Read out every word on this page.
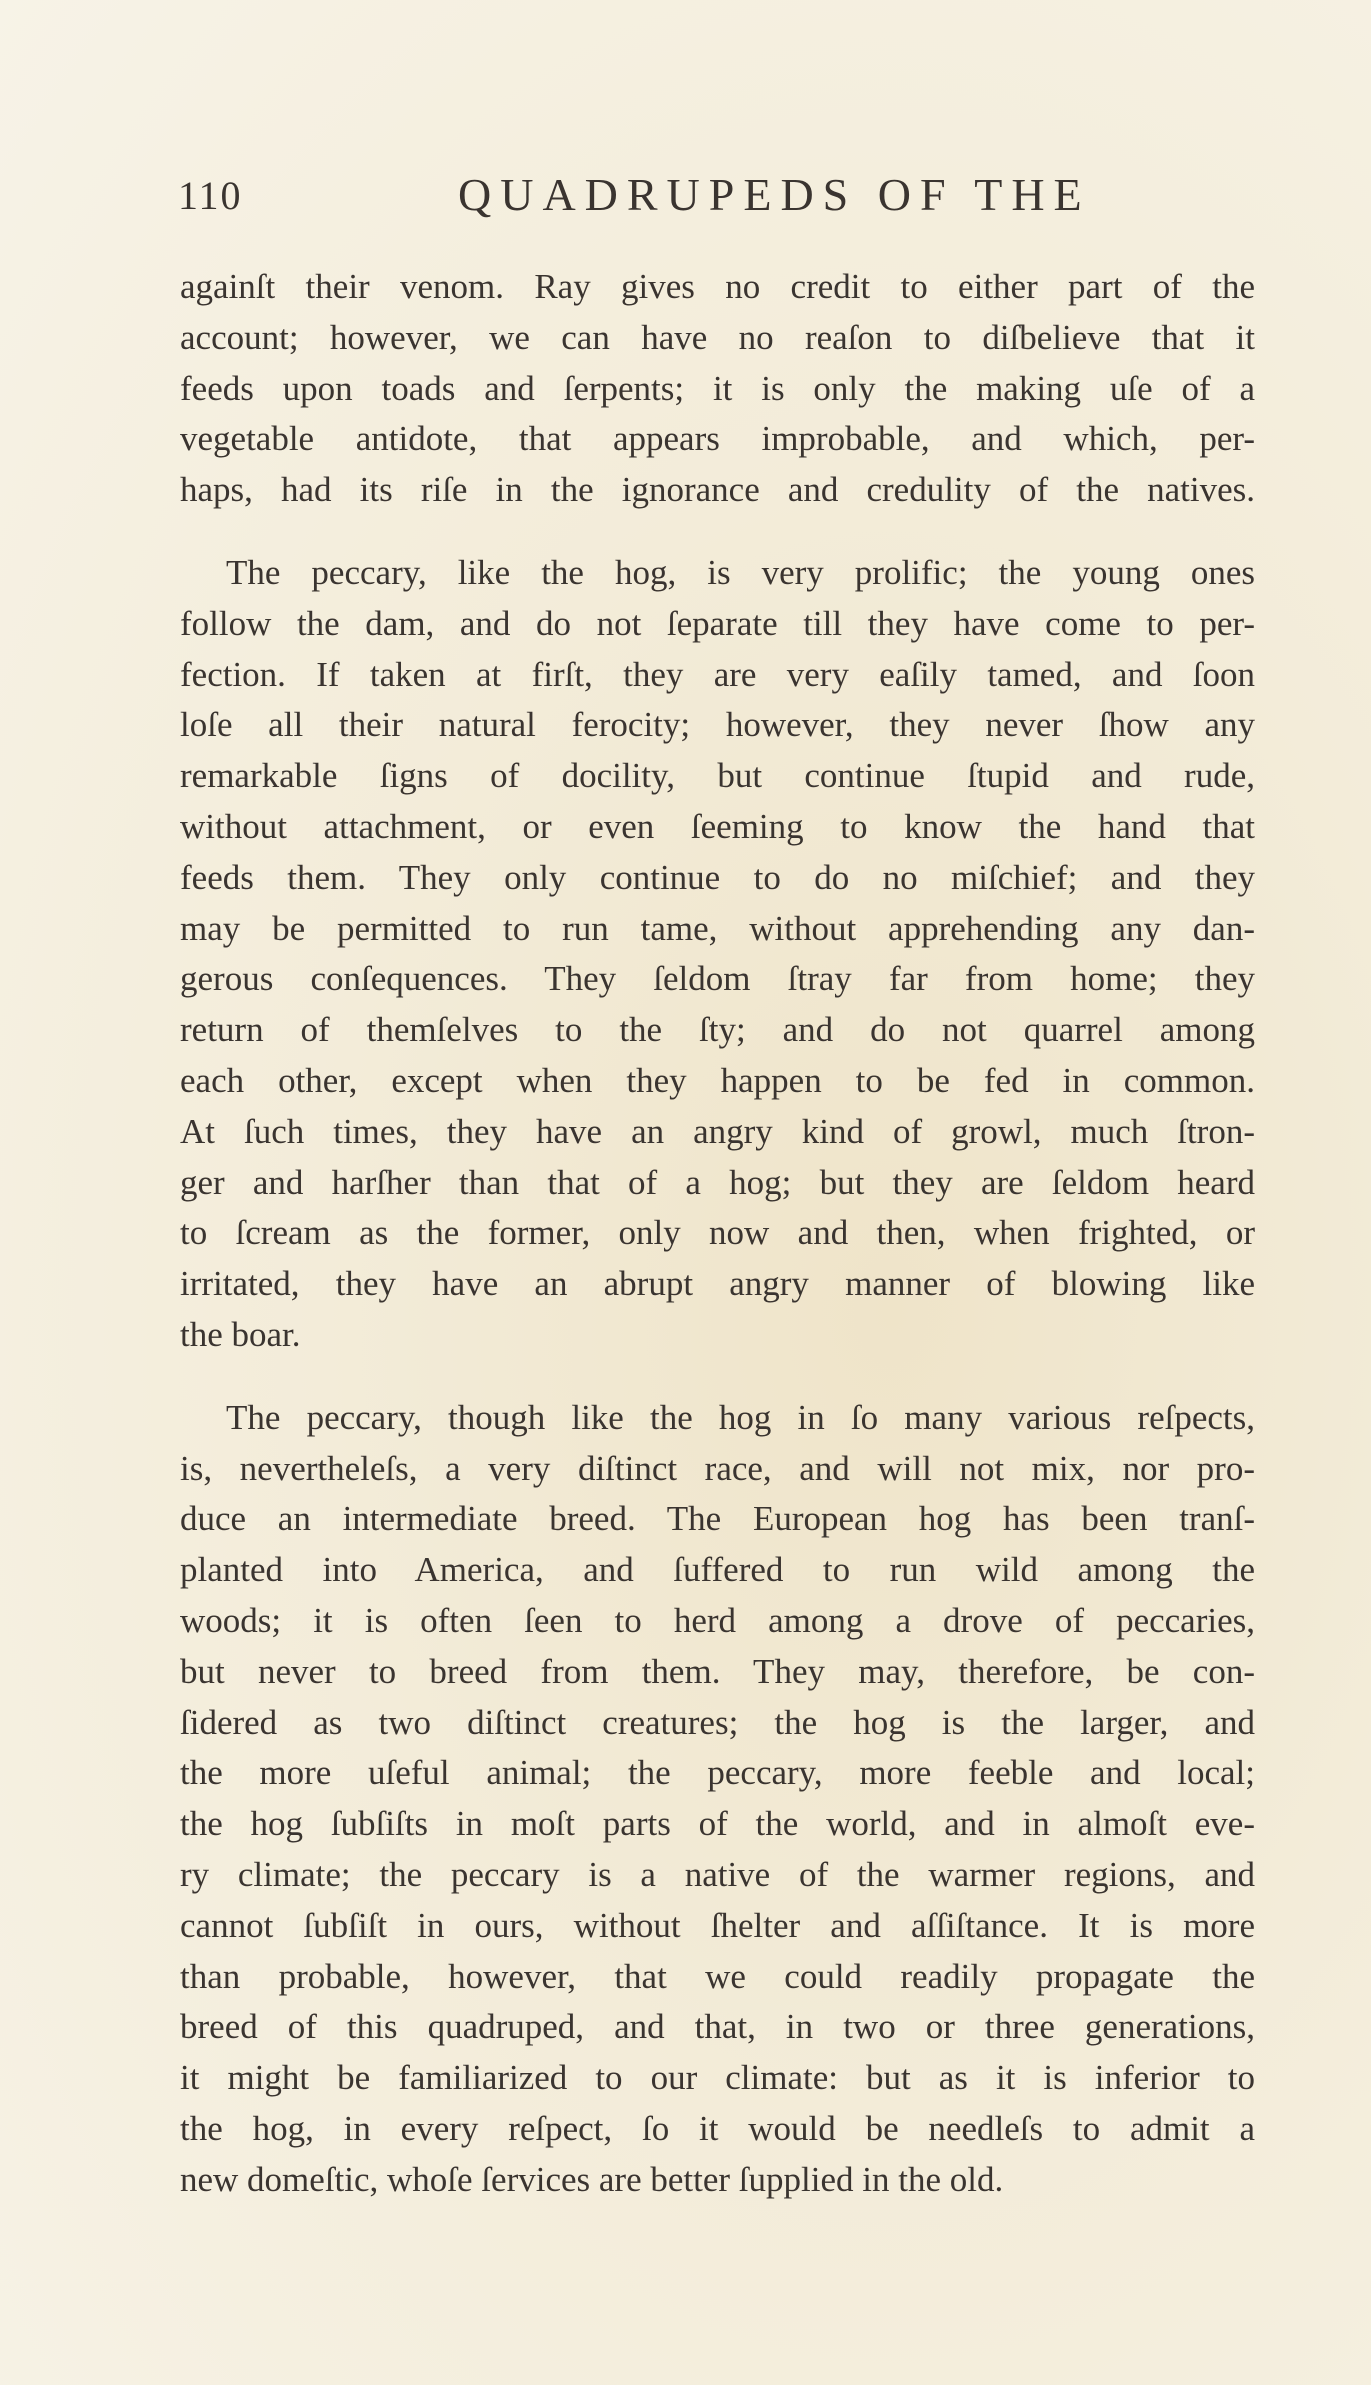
110	QUADRUPEDS OF THE
againſt their venom. Ray gives no credit to either part of the
account; however, we can have no reaſon to diſbelieve that it
feeds upon toads and ſerpents; it is only the making uſe of a
vegetable antidote, that appears improbable, and which, per-
haps, had its riſe in the ignorance and credulity of the natives.
The peccary, like the hog, is very prolific; the young ones
follow the dam, and do not ſeparate till they have come to per-
fection. If taken at firſt, they are very eaſily tamed, and ſoon
loſe all their natural ferocity; however, they never ſhow any
remarkable ſigns of docility, but continue ſtupid and rude,
without attachment, or even ſeeming to know the hand that
feeds them. They only continue to do no miſchief; and they
may be permitted to run tame, without apprehending any dan-
gerous conſequences. They ſeldom ſtray far from home; they
return of themſelves to the ſty; and do not quarrel among
each other, except when they happen to be fed in common.
At ſuch times, they have an angry kind of growl, much ſtron-
ger and harſher than that of a hog; but they are ſeldom heard
to ſcream as the former, only now and then, when frighted, or
irritated, they have an abrupt angry manner of blowing like
the boar.
The peccary, though like the hog in ſo many various reſpects,
is, nevertheleſs, a very diſtinct race, and will not mix, nor pro-
duce an intermediate breed. The European hog has been tranſ-
planted into America, and ſuffered to run wild among the
woods; it is often ſeen to herd among a drove of peccaries,
but never to breed from them. They may, therefore, be con-
ſidered as two diſtinct creatures; the hog is the larger, and
the more uſeful animal; the peccary, more feeble and local;
the hog ſubſiſts in moſt parts of the world, and in almoſt eve-
ry climate; the peccary is a native of the warmer regions, and
cannot ſubſiſt in ours, without ſhelter and aſſiſtance. It is more
than probable, however, that we could readily propagate the
breed of this quadruped, and that, in two or three generations,
it might be familiarized to our climate: but as it is inferior to
the hog, in every reſpect, ſo it would be needleſs to admit a
new domeſtic, whoſe ſervices are better ſupplied in the old.
